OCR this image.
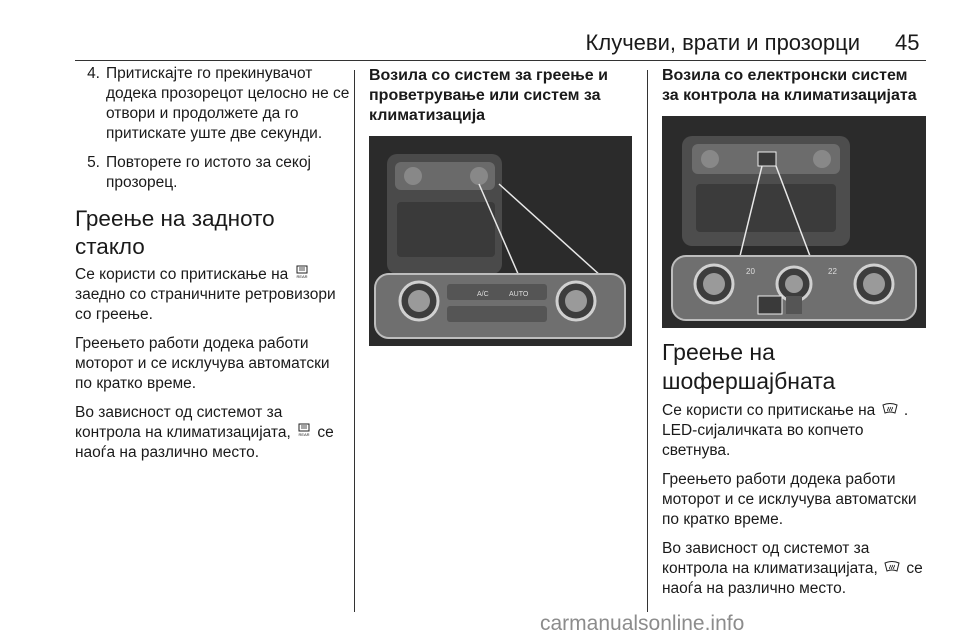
Клучеви, врати и прозорци 45
4. Притискајте го прекинувачот додека прозорецот целосно не се отвори и продолжете да го притискате уште две секунди.
5. Повторете го истото за секој прозорец.
Греење на задното стакло

Се користи со притискање на REAR
заедно со страничните ретровизори со греење.

Греењето работи додека работи моторот и се исклучува автоматски по кратко време.

Во зависност од системот за контрола на климатизацијата, REAR се наоѓа на различно место.

Возила со систем за греење и проветрување или систем за климатизација
A/C	AUTO
Возила со електронски систем за контрола на климатизацијата
20	22
Греење на шофершајбната

Се користи со притискање на . LED-сијаличката во копчето светнува.

Греењето работи додека работи моторот и се исклучува автоматски по кратко време.

Во зависност од системот за контрола на климатизацијата, се наоѓа на различно место.

carmanualsonline.info
